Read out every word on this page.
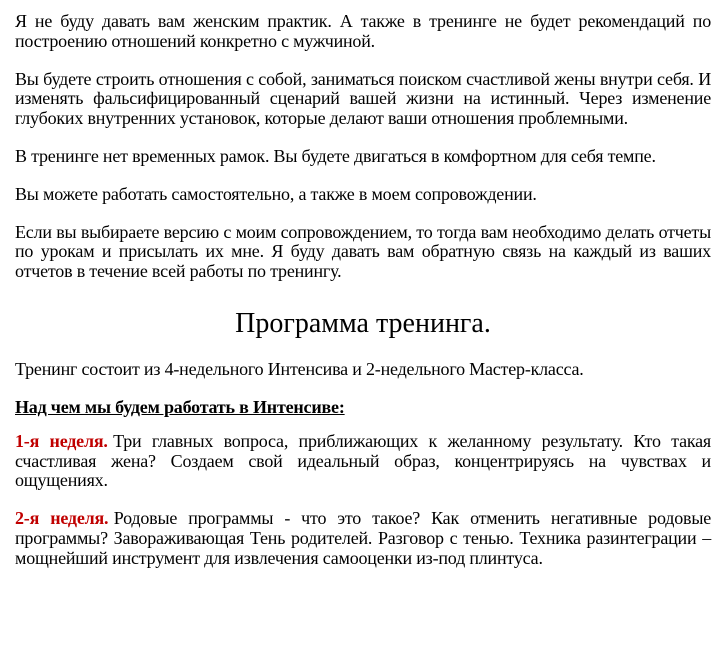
Я не буду давать вам женским практик. А также в тренинге не будет рекомендаций по построению отношений конкретно с мужчиной.

Вы будете строить отношения с собой, заниматься поиском счастливой жены внутри себя. И изменять фальсифицированный сценарий вашей жизни на истинный. Через изменение глубоких внутренних установок, которые делают ваши отношения проблемными.

В тренинге нет временных рамок. Вы будете двигаться в комфортном для себя темпе.

Вы можете работать самостоятельно, а также в моем сопровождении.

Если вы выбираете версию с моим сопровождением, то тогда вам необходимо делать отчеты по урокам и присылать их мне. Я буду давать вам обратную связь на каждый из ваших отчетов в течение всей работы по тренингу.

Программа тренинга.

Тренинг состоит из 4-недельного Интенсива и 2-недельного Мастер-класса.

Над чем мы будем работать в Интенсиве:

1-я неделя. Три главных вопроса, приближающих к желанному результату. Кто такая счастливая жена? Создаем свой идеальный образ, концентрируясь на чувствах и ощущениях.

2-я неделя. Родовые программы - что это такое? Как отменить негативные родовые программы? Завораживающая Тень родителей. Разговор с тенью. Техника разинтеграции – мощнейший инструмент для извлечения самооценки из-под плинтуса.
